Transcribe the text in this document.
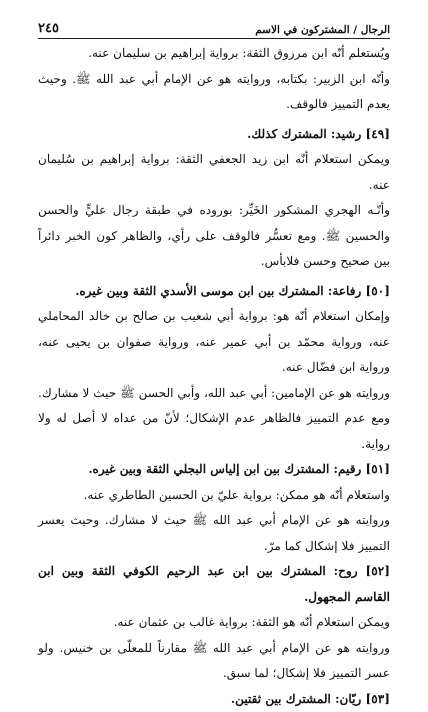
الرجال / المشتركون في الاسم
٢٤٥

ويُستعلم أنّه ابن مرزوق الثقة: برواية إبراهيم بن سليمان عنه.

وأنّه ابن الزبير: بكتابه، وروايته هو عن الإمام أبي عبد الله ﷺ. وحيث يعدم التمييز فالوقف.

[٤٩] رشيد: المشترك كذلك.

ويمكن استعلام أنّه ابن زيد الجعفي الثقة: برواية إبراهيم بن سُليمان عنه.

وأنّـه الهجري المشكور الخَيِّر: بوروده في طبقة رجال عليٍّ والحسن والحسين ﷺ. ومع تعسُّر فالوقف على رأي، والظاهر كون الخبر دائراً بين صحيح وحسن فلابأس.

[٥٠] رفاعة: المشترك بين ابن موسى الأسدي الثقة وبين غيره.

وإمكان استعلام أنّه هو: برواية أبي شعيب بن صالح بن خالد المحاملي عنه، ورواية محمّد بن أبي عمير عنه، ورواية صفوان بن يحيى عنه، ورواية ابن فضّال عنه.

وروايته هو عن الإمامين: أبي عبد الله، وأبي الحسن ﷺ حيث لا مشارك. ومع عدم التمييز فالظاهر عدم الإشكال؛ لأنّ من عداه لا أصل له ولا رواية.

[٥١] رقيم: المشترك بين ابن إلياس البجلي الثقة وبين غيره.

واستعلام أنّه هو ممكن: برواية عليّ بن الحسين الطاطري عنه.

وروايته هو عن الإمام أبي عبد الله ﷺ حيث لا مشارك. وحيث يعسر التمييز فلا إشكال كما مرّ.

[٥٢] روح: المشترك بين ابن عبد الرحيم الكوفي الثقة وبين ابن القاسم المجهول.

ويمكن استعلام أنّه هو الثقة: برواية غالب بن عثمان عنه.

وروايته هو عن الإمام أبي عبد الله ﷺ مقارناً للمعلّى بن خنيس. ولو عسر التمييز فلا إشكال؛ لما سبق.

[٥٣] ريّان: المشترك بين ثقتين.
